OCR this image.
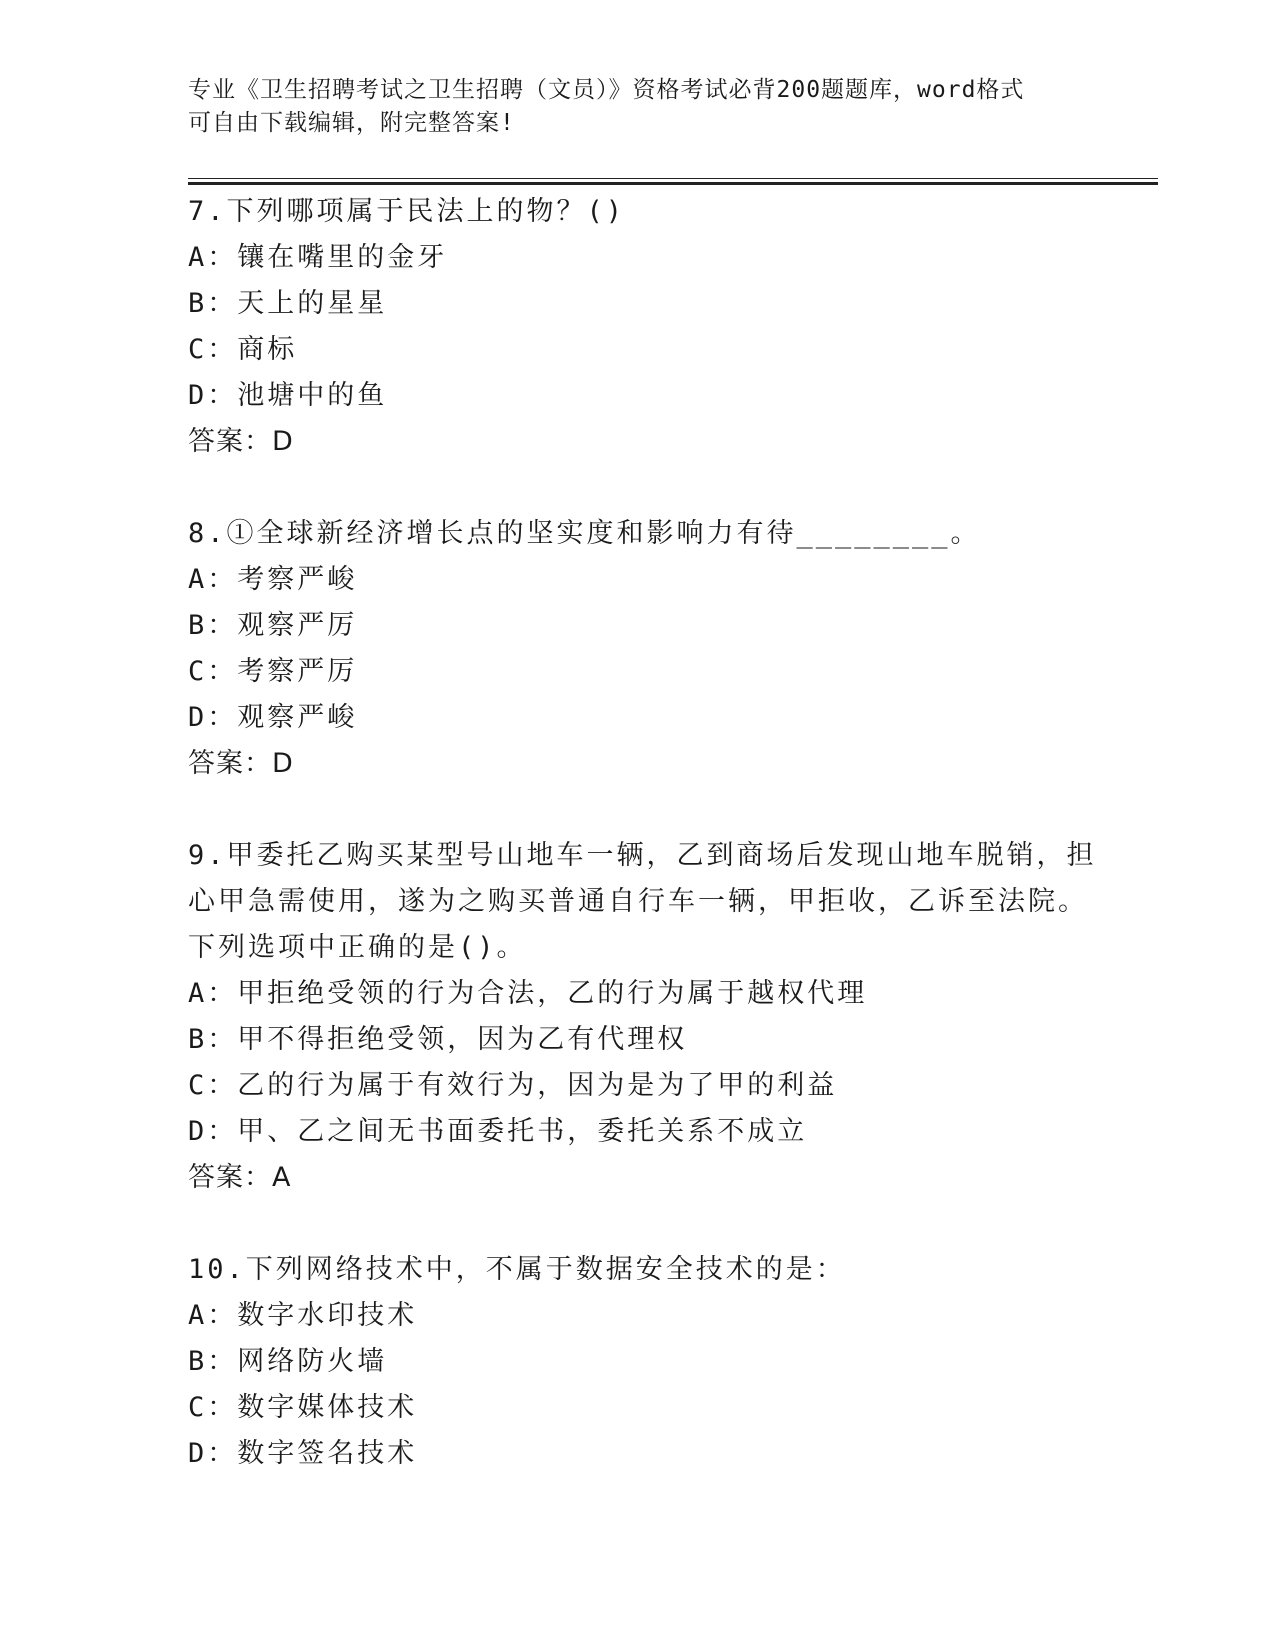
专业《卫生招聘考试之卫生招聘（文员）》资格考试必背200题题库，word格式
可自由下载编辑，附完整答案!
7.下列哪项属于民法上的物？()
A：镶在嘴里的金牙
B：天上的星星
C：商标
D：池塘中的鱼
答案：D
8.①全球新经济增长点的坚实度和影响力有待________。
A：考察严峻
B：观察严厉
C：考察严厉
D：观察严峻
答案：D
9.甲委托乙购买某型号山地车一辆，乙到商场后发现山地车脱销，担
心甲急需使用，遂为之购买普通自行车一辆，甲拒收，乙诉至法院。
下列选项中正确的是()。
A：甲拒绝受领的行为合法，乙的行为属于越权代理
B：甲不得拒绝受领，因为乙有代理权
C：乙的行为属于有效行为，因为是为了甲的利益
D：甲、乙之间无书面委托书，委托关系不成立
答案：A
10.下列网络技术中，不属于数据安全技术的是：
A：数字水印技术
B：网络防火墙
C：数字媒体技术
D：数字签名技术
